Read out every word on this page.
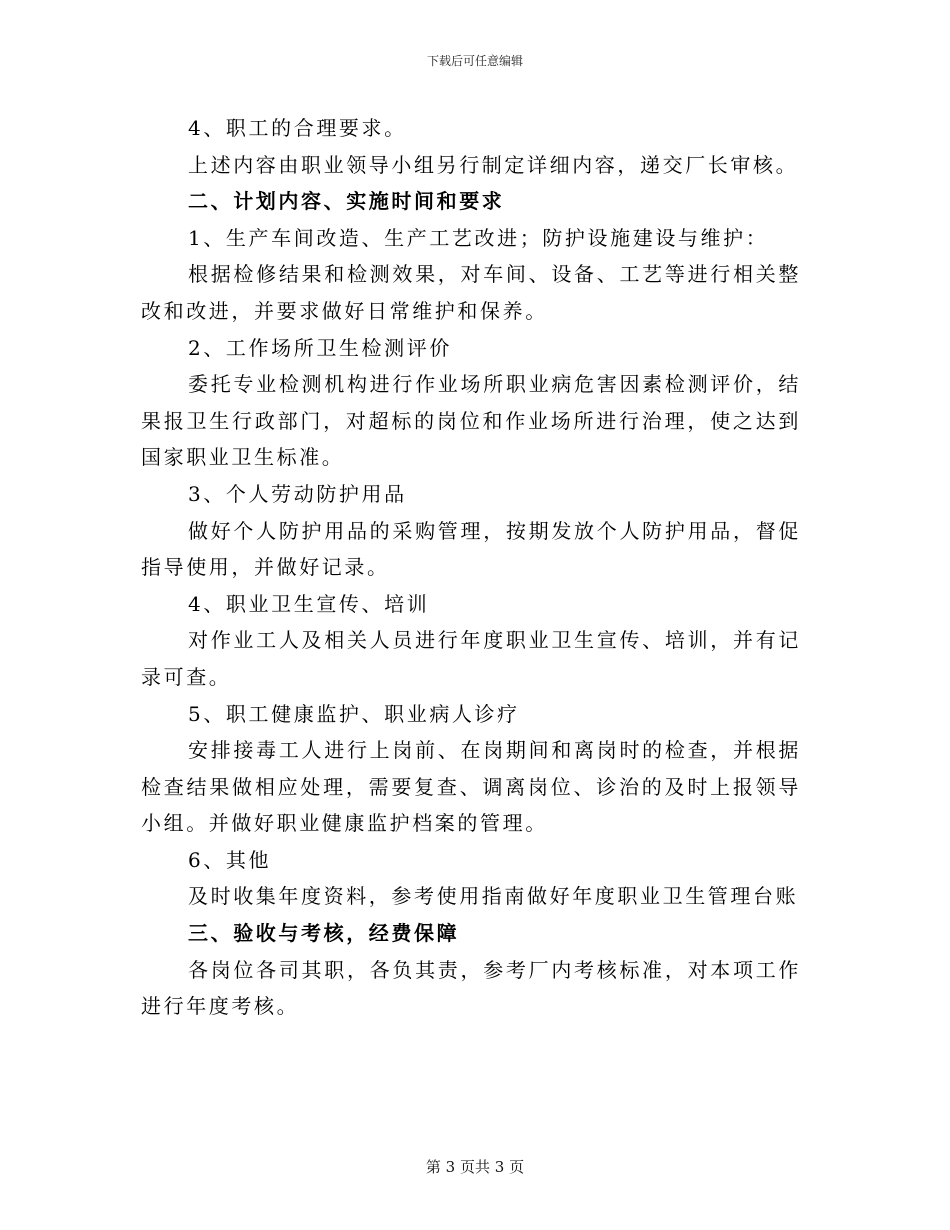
下载后可任意编辑

4、职工的合理要求。

上述内容由职业领导小组另行制定详细内容，递交厂长审核。

二、计划内容、实施时间和要求

1、生产车间改造、生产工艺改进；防护设施建设与维护：

根据检修结果和检测效果，对车间、设备、工艺等进行相关整改和改进，并要求做好日常维护和保养。

2、工作场所卫生检测评价

委托专业检测机构进行作业场所职业病危害因素检测评价，结果报卫生行政部门，对超标的岗位和作业场所进行治理，使之达到国家职业卫生标准。

3、个人劳动防护用品

做好个人防护用品的采购管理，按期发放个人防护用品，督促指导使用，并做好记录。

4、职业卫生宣传、培训

对作业工人及相关人员进行年度职业卫生宣传、培训，并有记录可查。

5、职工健康监护、职业病人诊疗

安排接毒工人进行上岗前、在岗期间和离岗时的检查，并根据检查结果做相应处理，需要复查、调离岗位、诊治的及时上报领导小组。并做好职业健康监护档案的管理。

6、其他

及时收集年度资料，参考使用指南做好年度职业卫生管理台账

三、验收与考核，经费保障

各岗位各司其职，各负其责，参考厂内考核标准，对本项工作进行年度考核。

第 3 页共 3 页
